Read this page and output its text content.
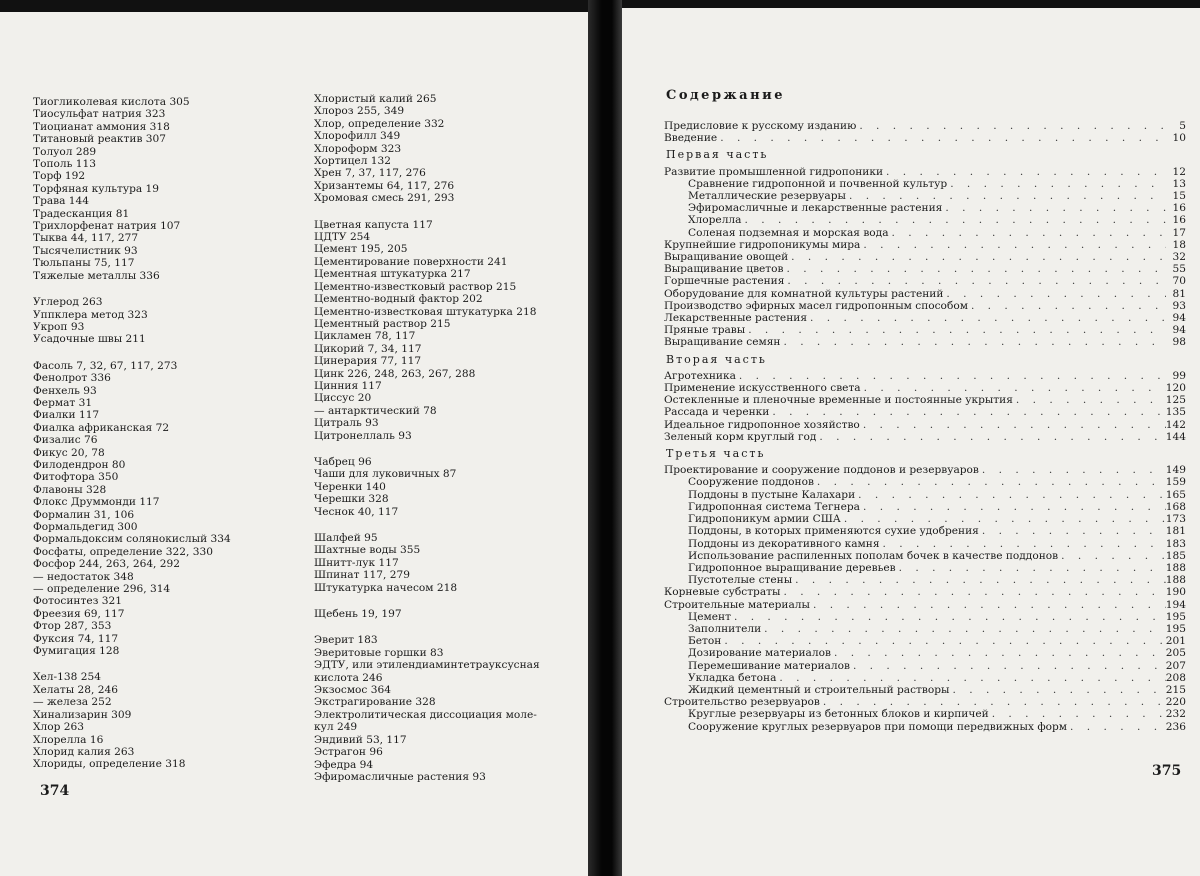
Тиогликолевая кислота 305
Тиосульфат натрия 323
Тиоцианат аммония 318
Титановый реактив 307
Толуол 289
Тополь 113
Торф 192
Торфяная культура 19
Трава 144
Традесканция 81
Трихлорфенат натрия 107
Тыква 44, 117, 277
Тысячелистник 93
Тюльпаны 75, 117
Тяжелые металлы 336
Углерод 263
Уппклера метод 323
Укроп 93
Усадочные швы 211
Фасоль 7, 32, 67, 117, 273
Фенолрот 336
Фенхель 93
Фермат 31
Фиалки 117
Фиалка африканская 72
Физалис 76
Фикус 20, 78
Филодендрон 80
Фитофтора 350
Флавоны 328
Флокс Друммонди 117
Формалин 31, 106
Формальдегид 300
Формальдоксим солянокислый 334
Фосфаты, определение 322, 330
Фосфор 244, 263, 264, 292
— недостаток 348
— определение 296, 314
Фотосинтез 321
Фреезия 69, 117
Фтор 287, 353
Фуксия 74, 117
Фумигация 128
Хел-138 254
Хелаты 28, 246
— железа 252
Хинализарин 309
Хлор 263
Хлорелла 16
Хлорид калия 263
Хлориды, определение 318
Хлористый калий 265
Хлороз 255, 349
Хлор, определение 332
Хлорофилл 349
Хлороформ 323
Хортицел 132
Хрен 7, 37, 117, 276
Хризантемы 64, 117, 276
Хромовая смесь 291, 293
Цветная капуста 117
ЦДТУ 254
Цемент 195, 205
Цементирование поверхности 241
Цементная штукатурка 217
Цементно-известковый раствор 215
Цементно-водный фактор 202
Цементно-известковая штукатурка 218
Цементный раствор 215
Цикламен 78, 117
Цикорий 7, 34, 117
Цинерария 77, 117
Цинк 226, 248, 263, 267, 288
Цинния 117
Циссус 20
— антарктический 78
Цитраль 93
Цитронеллаль 93
Чабрец 96
Чаши для луковичных 87
Черенки 140
Черешки 328
Чеснок 40, 117
Шалфей 95
Шахтные воды 355
Шнитт-лук 117
Шпинат 117, 279
Штукатурка начесом 218
Щебень 19, 197
Эверит 183
Эверитовые горшки 83
ЭДТУ, или этилендиаминтетрауксусная
кислота 246
Экзосмос 364
Экстрагирование 328
Электролитическая диссоциация моле-
кул 249
Эндивий 53, 117
Эстрагон 96
Эфедра 94
Эфиромасличные растения 93
374
Содержание
Предисловие к русскому изданию . . .	5
Введение . . .	10
Первая часть
Развитие промышленной гидропоники . . .	12
Сравнение гидропонной и почвенной культур . . .	13
Металлические резервуары . . .	15
Эфиромасличные и лекарственные растения . . .	16
Хлорелла . . .	16
Соленая подземная и морская вода . . .	17
Крупнейшие гидропоникумы мира . . .	18
Выращивание овощей . . .	32
Выращивание цветов . . .	55
Горшечные растения . . .	70
Оборудование для комнатной культуры растений . . .	81
Производство эфирных масел гидропонным способом . . .	93
Лекарственные растения . . .	94
Пряные травы . . .	94
Выращивание семян . . .	98
Вторая часть
Агротехника . . .	99
Применение искусственного света . . .	120
Остекленные и пленочные временные и постоянные укрытия . . .	125
Рассада и черенки . . .	135
Идеальное гидропонное хозяйство . . .	142
Зеленый корм круглый год . . .	144
Третья часть
Проектирование и сооружение поддонов и резервуаров . . .	149
Сооружение поддонов . . .	159
Поддоны в пустыне Калахари . . .	165
Гидропонная система Тегнера . . .	168
Гидропоникум армии США . . .	173
Поддоны, в которых применяются сухие удобрения . . .	181
Поддоны из декоративного камня . . .	183
Использование распиленных пополам бочек в качестве поддонов . . .	185
Гидропонное выращивание деревьев . . .	188
Пустотелые стены . . .	188
Корневые субстраты . . .	190
Строительные материалы . . .	194
Цемент . . .	195
Заполнители . . .	195
Бетон . . .	201
Дозирование материалов . . .	205
Перемешивание материалов . . .	207
Укладка бетона . . .	208
Жидкий цементный и строительный растворы . . .	215
Строительство резервуаров . . .	220
Круглые резервуары из бетонных блоков и кирпичей . . .	232
Сооружение круглых резервуаров при помощи передвижных форм . . .	236
375
